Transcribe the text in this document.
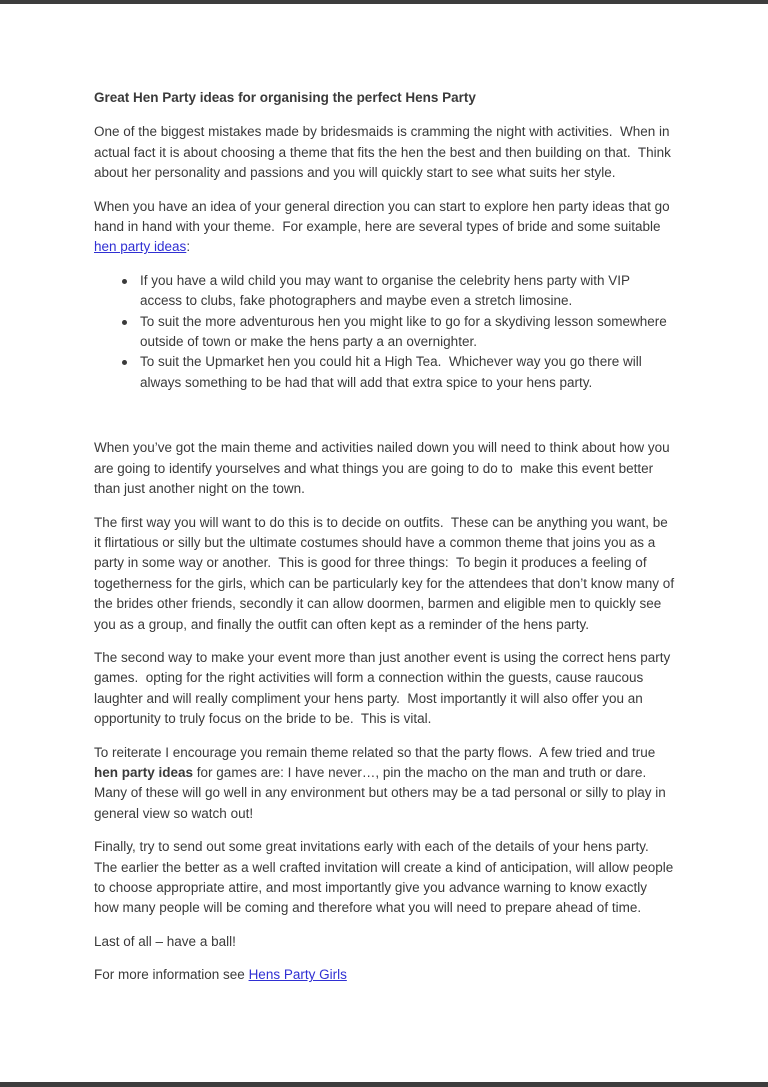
Great Hen Party ideas for organising the perfect Hens Party

One of the biggest mistakes made by bridesmaids is cramming the night with activities.  When in actual fact it is about choosing a theme that fits the hen the best and then building on that.  Think about her personality and passions and you will quickly start to see what suits her style.

When you have an idea of your general direction you can start to explore hen party ideas that go hand in hand with your theme.  For example, here are several types of bride and some suitable hen party ideas:

If you have a wild child you may want to organise the celebrity hens party with VIP access to clubs, fake photographers and maybe even a stretch limosine.
To suit the more adventurous hen you might like to go for a skydiving lesson somewhere outside of town or make the hens party a an overnighter.
To suit the Upmarket hen you could hit a High Tea.  Whichever way you go there will  always something to be had that will add that extra spice to your hens party.

When you’ve got the main theme and activities nailed down you will need to think about how you are going to identify yourselves and what things you are going to do to  make this event better than just another night on the town.

The first way you will want to do this is to decide on outfits.  These can be anything you want, be it flirtatious or silly but the ultimate costumes should have a common theme that joins you as a party in some way or another.  This is good for three things:  To begin it produces a feeling of togetherness for the girls, which can be particularly key for the attendees that don’t know many of the brides other friends, secondly it can allow doormen, barmen and eligible men to quickly see you as a group, and finally the outfit can often kept as a reminder of the hens party.

The second way to make your event more than just another event is using the correct hens party games.  opting for the right activities will form a connection within the guests, cause raucous laughter and will really compliment your hens party.  Most importantly it will also offer you an opportunity to truly focus on the bride to be.  This is vital.

To reiterate I encourage you remain theme related so that the party flows.  A few tried and true hen party ideas for games are: I have never…, pin the macho on the man and truth or dare.  Many of these will go well in any environment but others may be a tad personal or silly to play in general view so watch out!

Finally, try to send out some great invitations early with each of the details of your hens party.  The earlier the better as a well crafted invitation will create a kind of anticipation, will allow people to choose appropriate attire, and most importantly give you advance warning to know exactly how many people will be coming and therefore what you will need to prepare ahead of time.

Last of all – have a ball!

For more information see Hens Party Girls
